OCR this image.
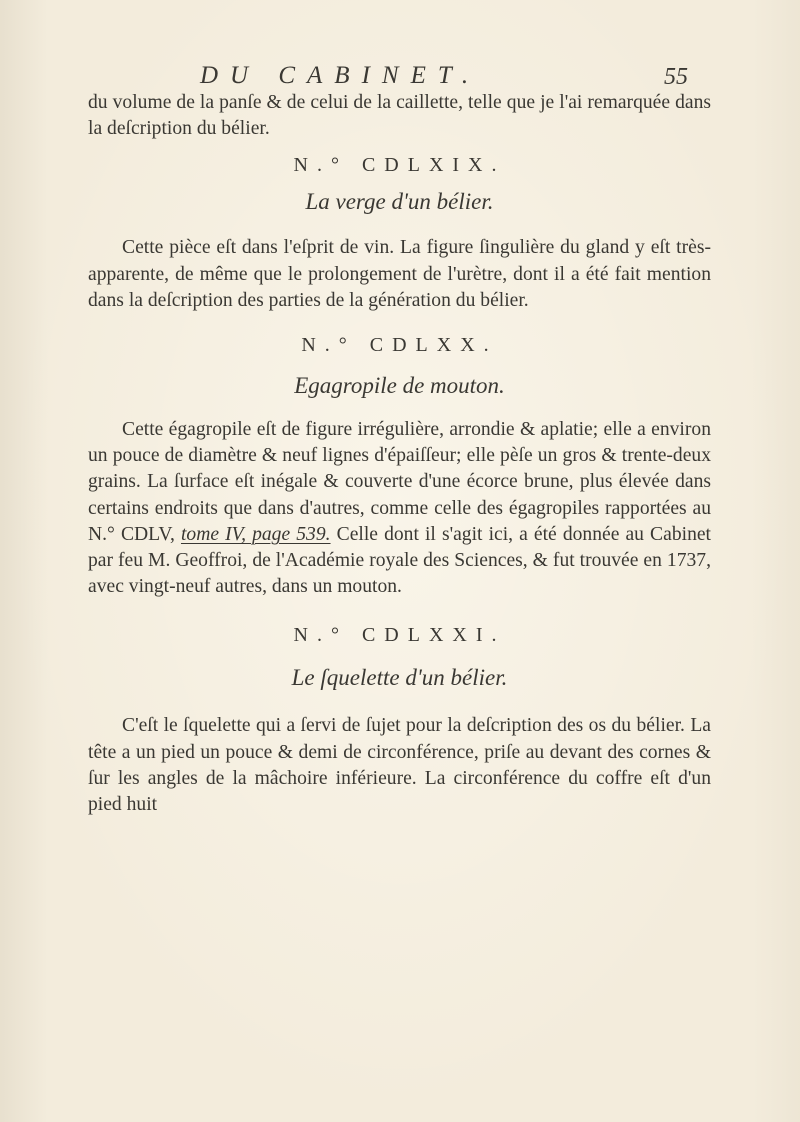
DU CABINET.	55

du volume de la panſe & de celui de la caillette, telle que je l'ai remarquée dans la deſcription du bélier.

N.° CDLXIX.

La verge d'un bélier.

Cette pièce eſt dans l'eſprit de vin. La figure ſingulière du gland y eſt très-apparente, de même que le prolongement de l'urètre, dont il a été fait mention dans la deſcription des parties de la génération du bélier.

N.° CDLXX.

Egagropile de mouton.

Cette égagropile eſt de figure irrégulière, arrondie & aplatie; elle a environ un pouce de diamètre & neuf lignes d'épaiſſeur; elle pèſe un gros & trente-deux grains. La ſurface eſt inégale & couverte d'une écorce brune, plus élevée dans certains endroits que dans d'autres, comme celle des égagropiles rapportées au N.° CDLV, tome IV, page 539. Celle dont il s'agit ici, a été donnée au Cabinet par feu M. Geoffroi, de l'Académie royale des Sciences, & fut trouvée en 1737, avec vingt-neuf autres, dans un mouton.

N.° CDLXXI.

Le ſquelette d'un bélier.

C'eſt le ſquelette qui a ſervi de ſujet pour la deſcription des os du bélier. La tête a un pied un pouce & demi de circonférence, priſe au devant des cornes & ſur les angles de la mâchoire inférieure. La circonférence du coffre eſt d'un pied huit
